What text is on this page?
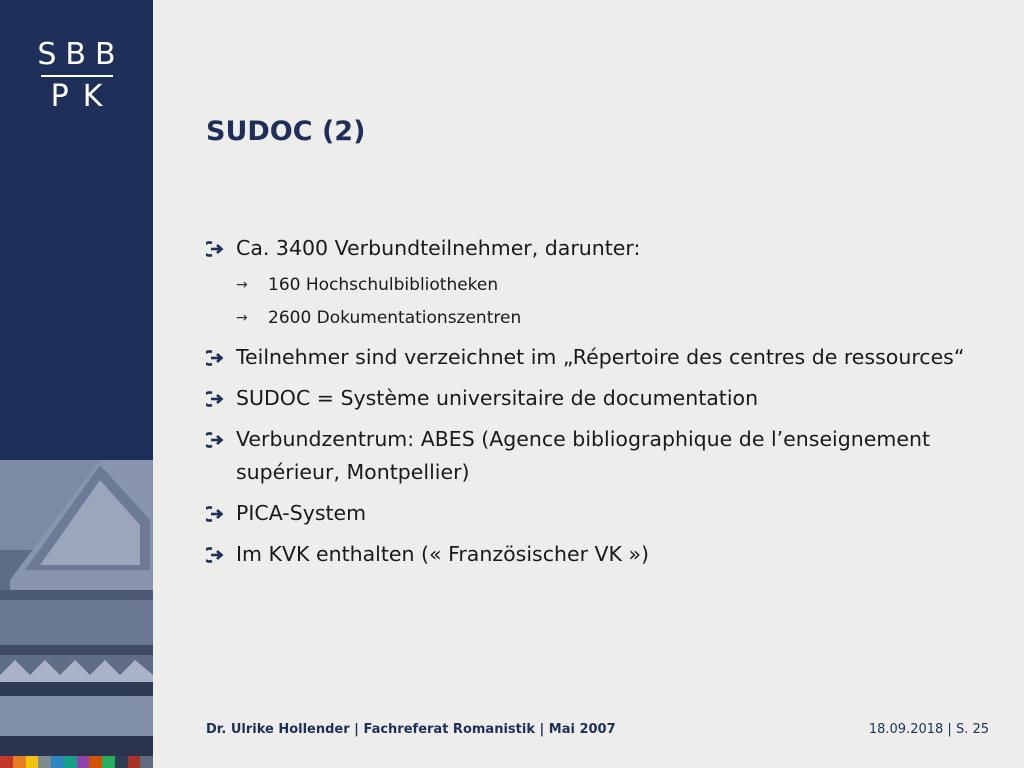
SBB
PK
SUDOC (2)
Ca. 3400 Verbundteilnehmer, darunter:
→ 160 Hochschulbibliotheken
→ 2600 Dokumentationszentren
Teilnehmer sind verzeichnet im „Répertoire des centres de ressources“
SUDOC = Système universitaire de documentation
Verbundzentrum: ABES (Agence bibliographique de l’enseignement supérieur, Montpellier)
PICA-System
Im KVK enthalten (« Französischer VK »)
Dr. Ulrike Hollender | Fachreferat Romanistik | Mai 2007	18.09.2018 | S. 25
